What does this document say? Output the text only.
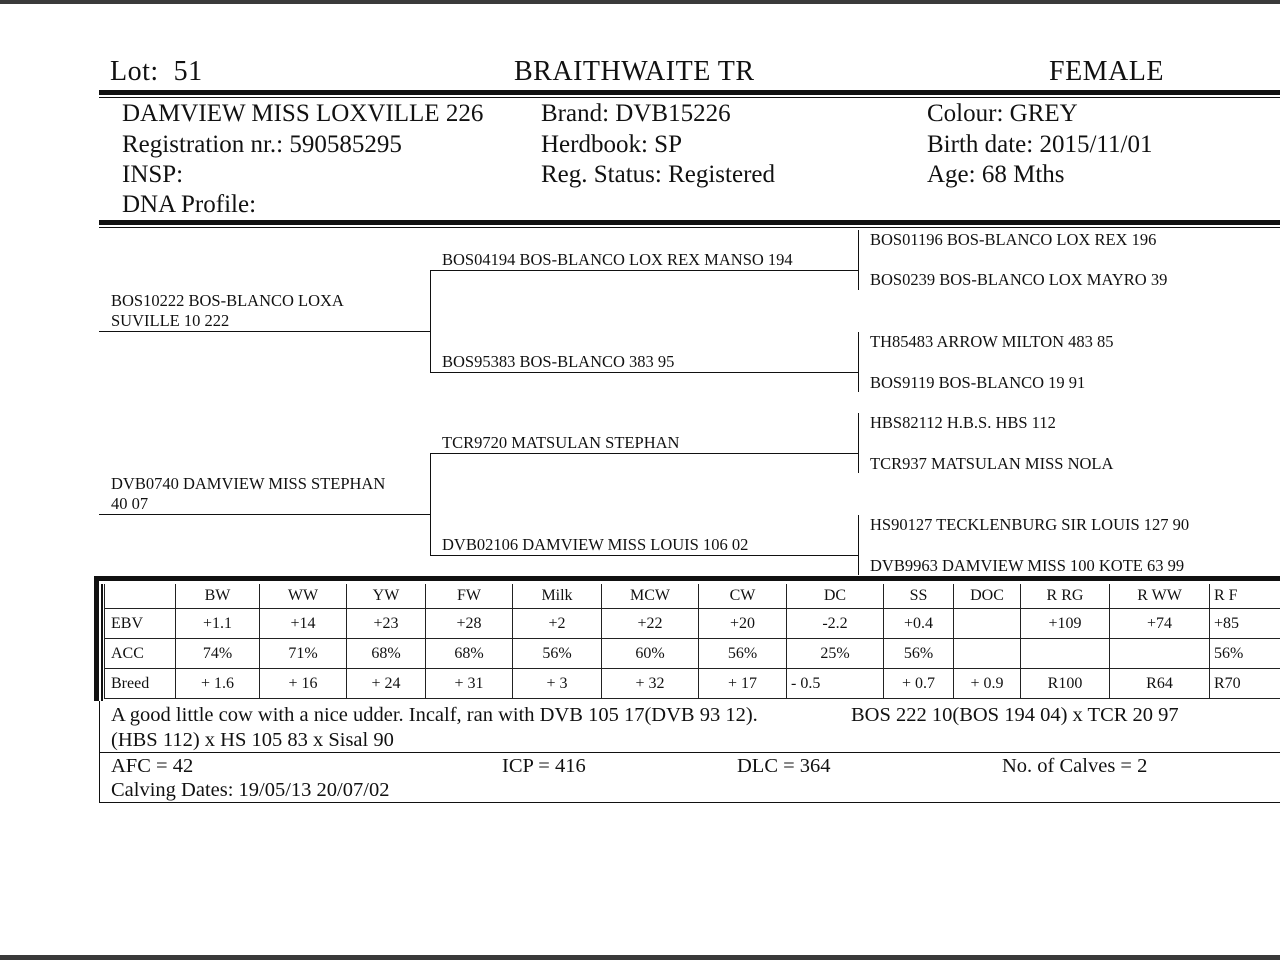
Lot: 51	BRAITHWAITE TR	FEMALE
DAMVIEW MISS LOXVILLE 226
Registration nr.: 590585295
INSP:
DNA Profile:
Brand: DVB15226
Herdbook: SP
Reg. Status: Registered
Colour: GREY
Birth date: 2015/11/01
Age: 68 Mths
BOS10222 BOS-BLANCO LOXA
SUVILLE 10 222
DVB0740 DAMVIEW MISS STEPHAN
40 07
BOS04194 BOS-BLANCO LOX REX MANSO 194
BOS95383 BOS-BLANCO 383 95
TCR9720 MATSULAN STEPHAN
DVB02106 DAMVIEW MISS LOUIS 106 02
BOS01196 BOS-BLANCO LOX REX 196
BOS0239 BOS-BLANCO LOX MAYRO 39
TH85483 ARROW MILTON 483 85
BOS9119 BOS-BLANCO 19 91
HBS82112 H.B.S. HBS 112
TCR937 MATSULAN MISS NOLA
HS90127 TECKLENBURG SIR LOUIS 127 90
DVB9963 DAMVIEW MISS 100 KOTE 63 99
	BW	WW	YW	FW	Milk	MCW	CW	DC	SS	DOC	R RG	R WW	R F
EBV	+1.1	+14	+23	+28	+2	+22	+20	-2.2	+0.4		+109	+74	+85
ACC	74%	71%	68%	68%	56%	60%	56%	25%	56%				56%
Breed	+ 1.6	+ 16	+ 24	+ 31	+ 3	+ 32	+ 17	- 0.5	+ 0.7	+ 0.9	R100	R64	R70
A good little cow with a nice udder. Incalf, ran with DVB 105 17(DVB 93 12).	BOS 222 10(BOS 194 04) x TCR 20 97
(HBS 112) x HS 105 83 x Sisal 90
AFC = 42	ICP = 416	DLC = 364	No. of Calves = 2
Calving Dates: 19/05/13 20/07/02
